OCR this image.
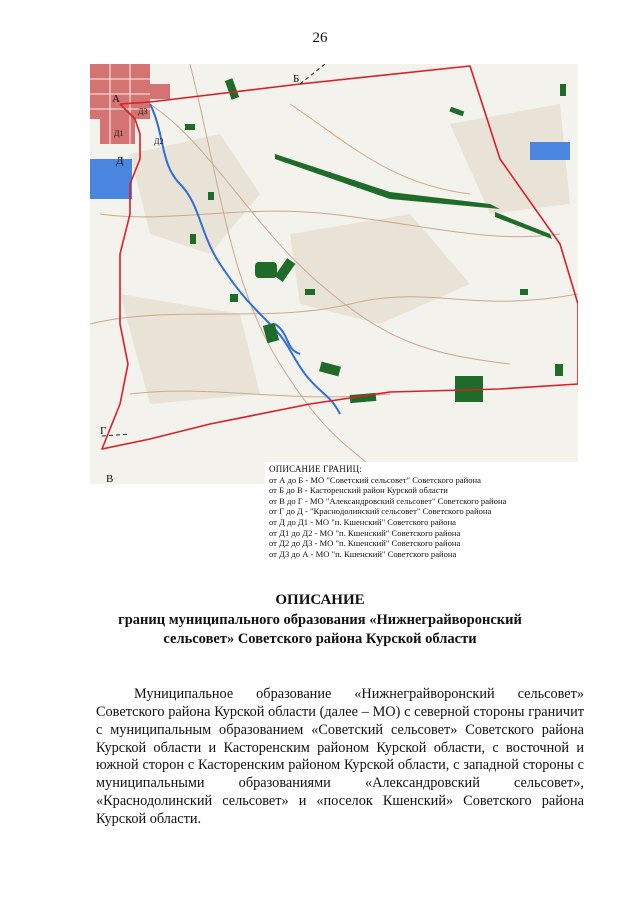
26
А
Б
В
Г
Д
Д1
Д2
Д3
ОПИСАНИЕ ГРАНИЦ:
от А до Б - МО "Советский сельсовет" Советского района
от Б до В - Касторенский район Курской области
от В до Г - МО "Александровский сельсовет" Советского района
от Г до Д - "Краснодолинский сельсовет" Советского района
от Д до Д1 - МО "п. Кшенский" Советского района
от Д1 до Д2 - МО "п. Кшенский" Советского района
от Д2 до Д3 - МО "п. Кшенский" Советского района
от Д3 до А - МО "п. Кшенский" Советского района
ОПИСАНИЕ
границ муниципального образования «Нижнеграйворонский
сельсовет» Советского района Курской области

Муниципальное образование «Нижнеграйворонский сельсовет» Советского района Курской области (далее – МО) с северной стороны граничит с муниципальным образованием «Советский сельсовет» Советского района Курской области и Касторенским районом Курской области, с восточной и южной сторон с Касторенским районом Курской области, с западной стороны с муниципальными образованиями «Александровский сельсовет», «Краснодолинский сельсовет» и «поселок Кшенский» Советского района Курской области.
